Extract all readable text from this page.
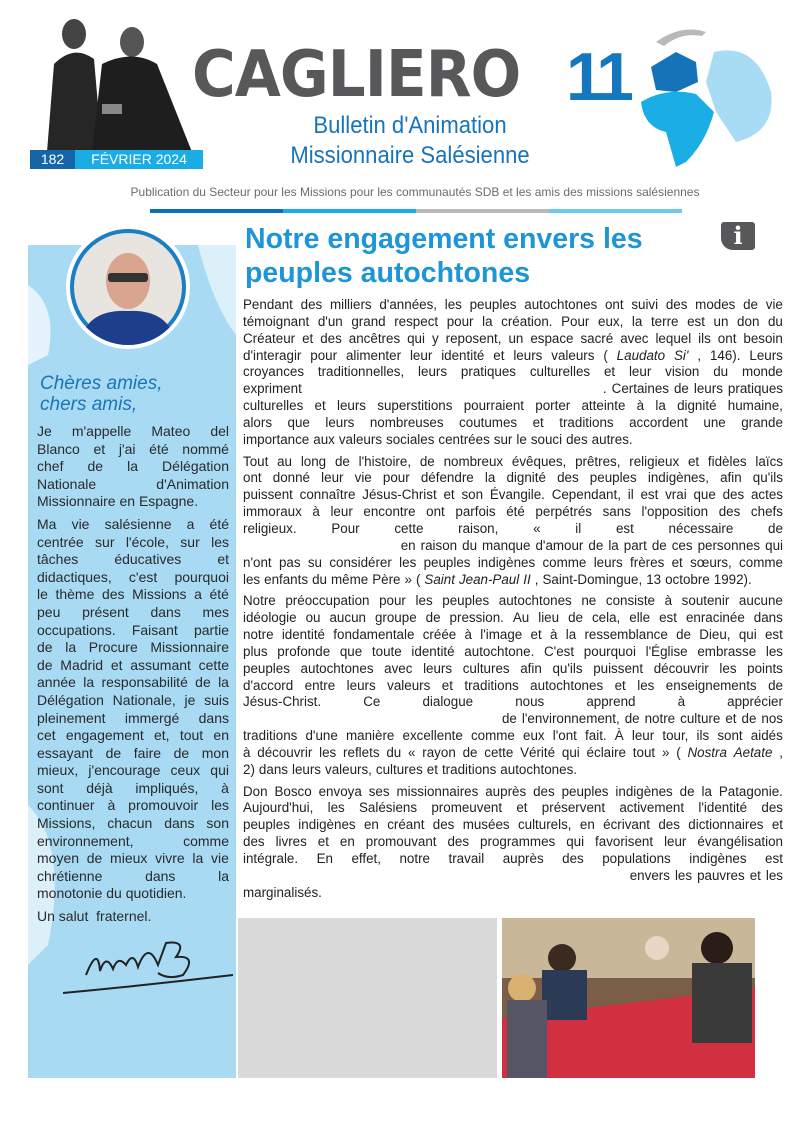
182	FÉVRIER 2024
CAGLIERO 11
Bulletin d'Animation
Missionnaire Salésienne
Publication du Secteur pour les Missions pour les communautés SDB et les amis des missions salésiennes
Chères amies,
chers amis,
Je m'appelle Mateo del
Blanco et j'ai été nommé
chef de la Délégation
Nationale	d'Animation
Missionnaire en Espagne.
Ma vie salésienne a été
centrée sur l'école, sur les
tâches	éducatives	et
didactiques, c'est pourquoi
le thème des Missions a été
peu présent dans mes
occupations. Faisant partie
de la Procure Missionnaire
de Madrid et assumant cette
année la responsabilité de la
Délégation Nationale, je suis
pleinement immergé dans
cet engagement et, tout en
essayant de faire de mon
mieux, j'encourage ceux qui
sont déjà impliqués, à
continuer à promouvoir les
Missions, chacun dans son
environnement,	comme
moyen de mieux vivre la vie
chrétienne	dans	la
monotonie du quotidien.
Un salut  fraternel.
Notre engagement envers les peuples autochtones
i
Pendant des milliers d'années, les peuples autochtones ont suivi des modes de vie
témoignant d'un grand respect pour la création. Pour eux, la terre est un don du
Créateur et des ancêtres qui y reposent, un espace sacré avec lequel ils ont besoin
d'interagir pour alimenter leur identité et leurs valeurs ( Laudato Si' , 146). Leurs
croyances traditionnelles, leurs pratiques culturelles et leur vision du monde
expriment	. Certaines de leurs pratiques
culturelles et leurs superstitions pourraient porter atteinte à la dignité humaine,
alors que leurs nombreuses coutumes et traditions accordent une grande
importance aux valeurs sociales centrées sur le souci des autres.
Tout au long de l'histoire, de nombreux évêques, prêtres, religieux et fidèles laïcs
ont donné leur vie pour défendre la dignité des peuples indigènes, afin qu'ils
puissent connaître Jésus-Christ et son Évangile. Cependant, il est vrai que des actes
immoraux à leur encontre ont parfois été perpétrés sans l'opposition des chefs
religieux.	Pour	cette	raison,	«	il	est	nécessaire	de
en raison du manque d'amour de la part de ces personnes qui
n'ont pas su considérer les peuples indigènes comme leurs frères et sœurs, comme
les enfants du même Père » ( Saint Jean-Paul II , Saint-Domingue, 13 octobre 1992).
Notre préoccupation pour les peuples autochtones ne consiste à soutenir aucune
idéologie ou aucun groupe de pression. Au lieu de cela, elle est enracinée dans
notre identité fondamentale créée à l'image et à la ressemblance de Dieu, qui est
plus profonde que toute identité autochtone. C'est pourquoi l'Église embrasse les
peuples autochtones avec leurs cultures afin qu'ils puissent découvrir les points
d'accord entre leurs valeurs et traditions autochtones et les enseignements de
Jésus-Christ.	Ce	dialogue	nous	apprend	à	apprécier
de l'environnement, de notre culture et de nos
traditions d'une manière excellente comme eux l'ont fait. À leur tour, ils sont aidés
à découvrir les reflets du « rayon de cette Vérité qui éclaire tout » ( Nostra Aetate ,
2) dans leurs valeurs, cultures et traditions autochtones.
Don Bosco envoya ses missionnaires auprès des peuples indigènes de la Patagonie.
Aujourd'hui, les Salésiens promeuvent et préservent activement l'identité des
peuples indigènes en créant des musées culturels, en écrivant des dictionnaires et
des livres et en promouvant des programmes qui favorisent leur évangélisation
intégrale. En effet, notre travail auprès des populations indigènes est
envers les pauvres et les
marginalisés.
